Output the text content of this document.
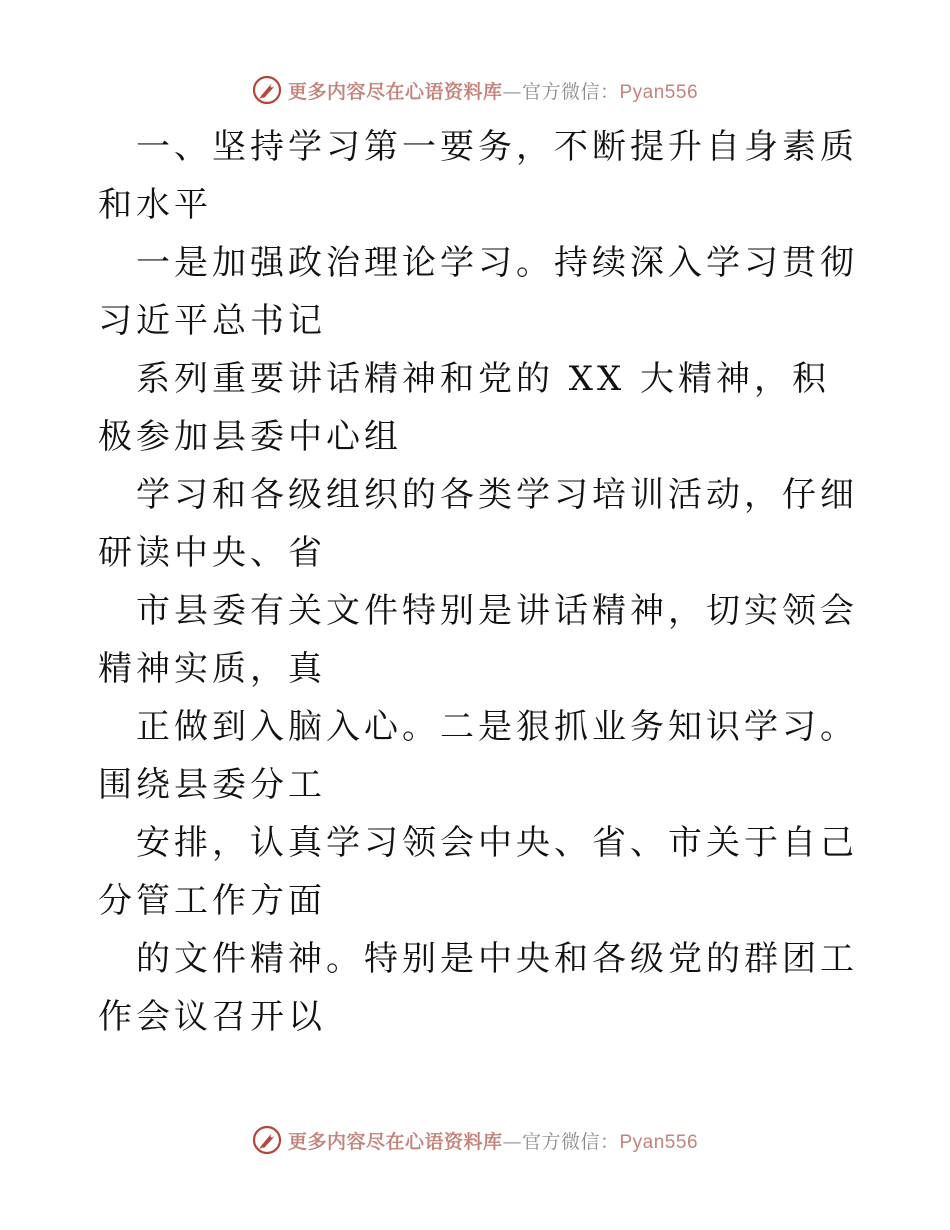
更多内容尽在心语资料库—官方微信：Pyan556

一、坚持学习第一要务，不断提升自身素质和水平

一是加强政治理论学习。持续深入学习贯彻习近平总书记

系列重要讲话精神和党的 XX 大精神，积极参加县委中心组

学习和各级组织的各类学习培训活动，仔细研读中央、省

市县委有关文件特别是讲话精神，切实领会精神实质，真

正做到入脑入心。二是狠抓业务知识学习。围绕县委分工

安排，认真学习领会中央、省、市关于自己分管工作方面

的文件精神。特别是中央和各级党的群团工作会议召开以

更多内容尽在心语资料库—官方微信：Pyan556
